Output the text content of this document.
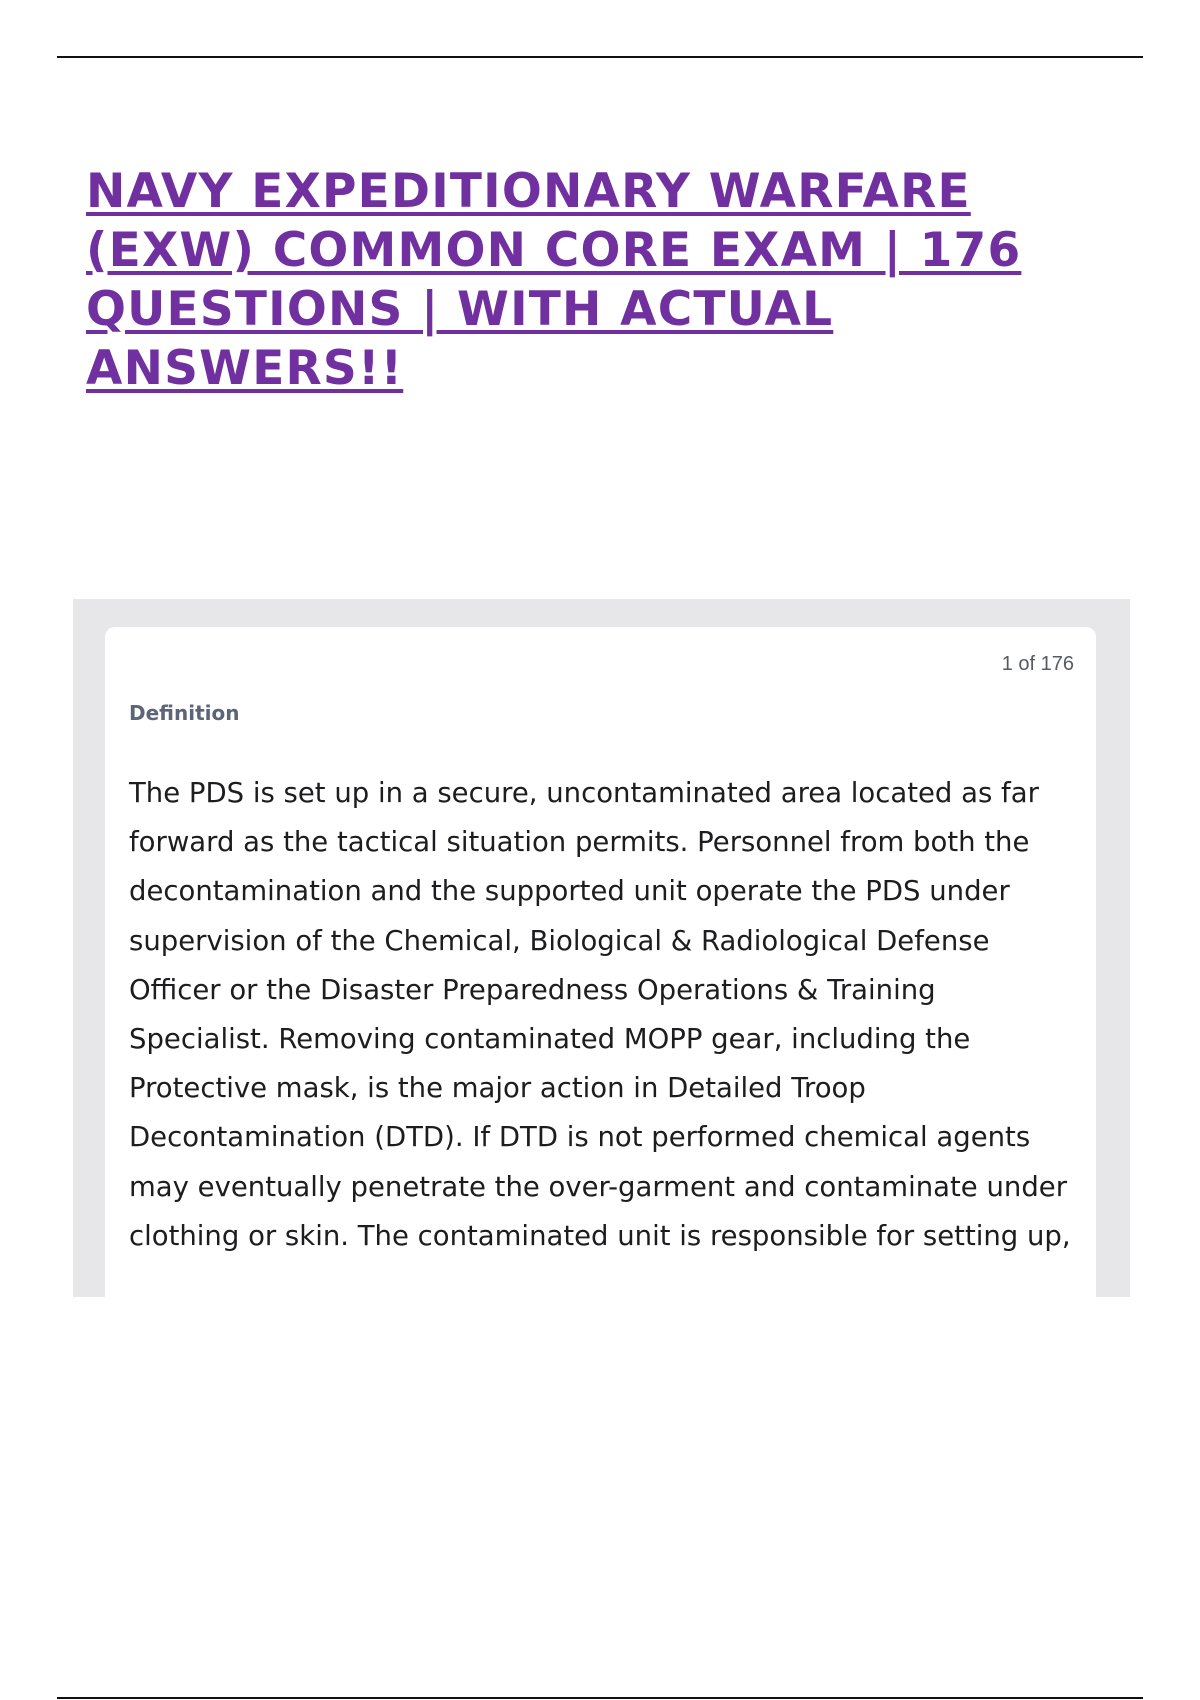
NAVY EXPEDITIONARY WARFARE (EXW) COMMON CORE EXAM | 176 QUESTIONS | WITH ACTUAL ANSWERS!!
1 of 176
Definition

The PDS is set up in a secure, uncontaminated area located as far forward as the tactical situation permits. Personnel from both the decontamination and the supported unit operate the PDS under supervision of the Chemical, Biological & Radiological Defense Officer or the Disaster Preparedness Operations & Training Specialist. Removing contaminated MOPP gear, including the Protective mask, is the major action in Detailed Troop Decontamination (DTD). If DTD is not performed chemical agents may eventually penetrate the over-garment and contaminate under clothing or skin. The contaminated unit is responsible for setting up,
